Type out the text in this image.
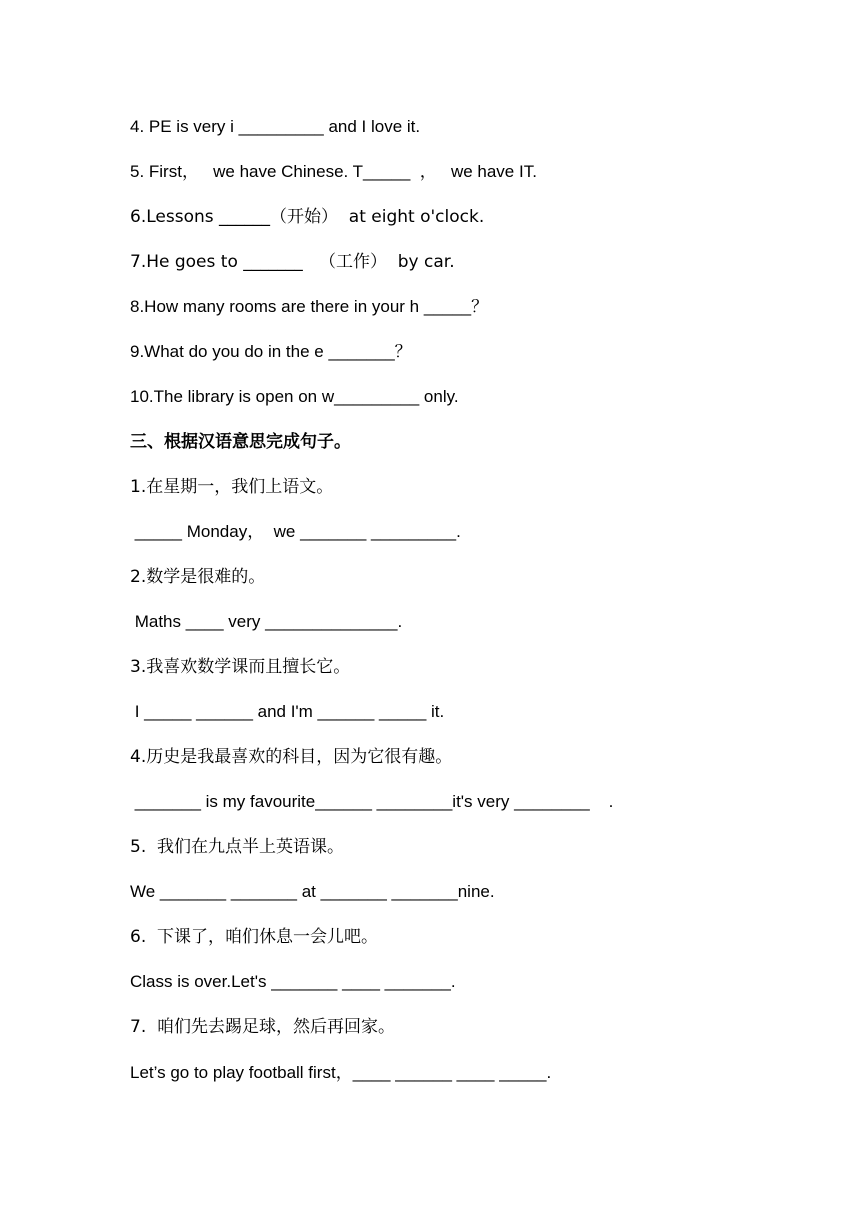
4. PE is very i _________ and I love it.
5. First，   we have Chinese. T_____  ，   we have IT.
6.Lessons ______（开始）  at eight o'clock.
7.He goes to _______   （工作）  by car.
8.How many rooms are there in your h _____？
9.What do you do in the e _______？
10.The library is open on w_________ only.
三、根据汉语意思完成句子。
1.在星期一，我们上语文。
_____ Monday，  we _______ _________.
2.数学是很难的。
Maths ____ very ______________.
3.我喜欢数学课而且擅长它。
I _____ ______ and I'm ______ _____ it.
4.历史是我最喜欢的科目，因为它很有趣。
_______ is my favourite______ ________it's very ________    .
5.  我们在九点半上英语课。
We _______ _______ at _______ _______nine.
6.  下课了，咱们休息一会儿吧。
Class is over.Let's _______ ____ _______.
7.  咱们先去踢足球，然后再回家。
Let’s go to play football first，____ ______ ____ _____.
